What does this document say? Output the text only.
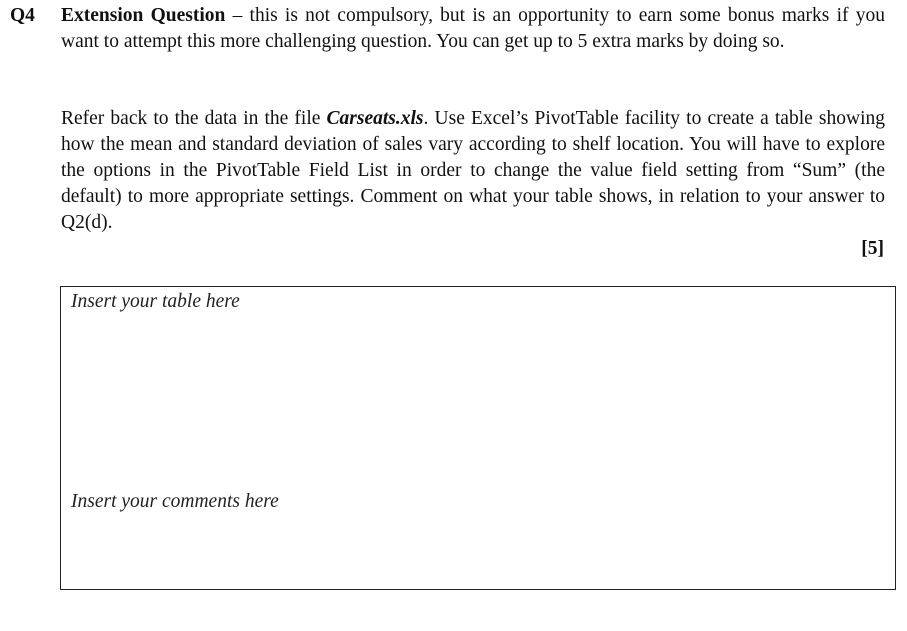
Q4 Extension Question – this is not compulsory, but is an opportunity to earn some bonus marks if you want to attempt this more challenging question. You can get up to 5 extra marks by doing so.

Refer back to the data in the file Carseats.xls. Use Excel’s PivotTable facility to create a table showing how the mean and standard deviation of sales vary according to shelf location. You will have to explore the options in the PivotTable Field List in order to change the value field setting from “Sum” (the default) to more appropriate settings. Comment on what your table shows, in relation to your answer to Q2(d).

[5]
Insert your table here
Insert your comments here
